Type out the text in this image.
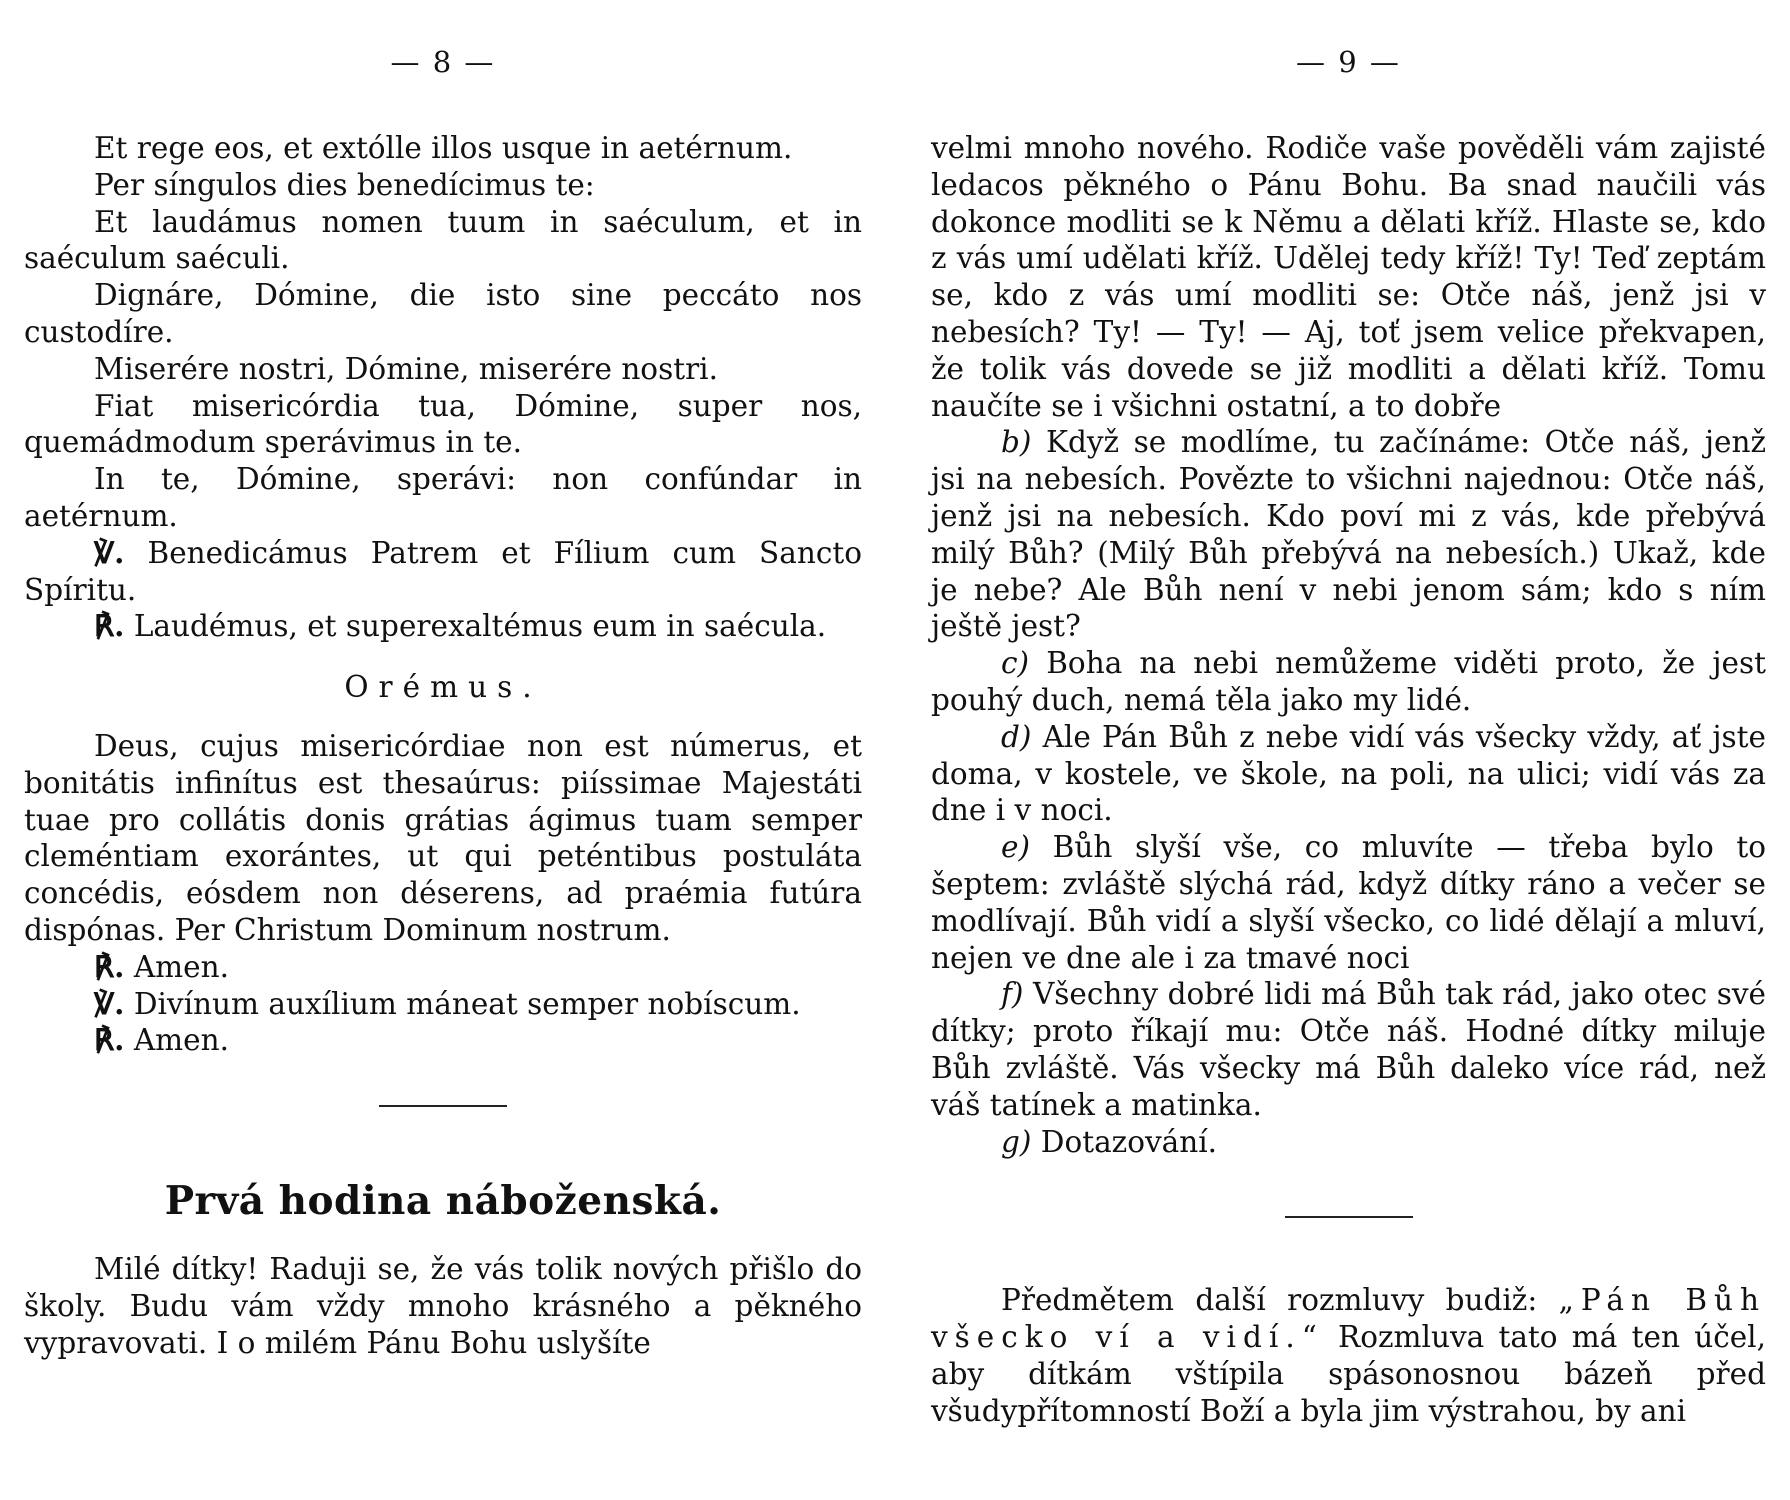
— 8 —

Et rege eos, et extólle illos usque in aetérnum.

Per síngulos dies benedícimus te:

Et laudámus nomen tuum in saéculum, et in saéculum saéculi.

Dignáre, Dómine, die isto sine peccáto nos custodíre.

Miserére nostri, Dómine, miserére nostri.

Fiat misericórdia tua, Dómine, super nos, quemádmodum sperávimus in te.

In te, Dómine, sperávi: non confúndar in aetérnum.

℣. Benedicámus Patrem et Fílium cum Sancto Spíritu.

℟. Laudémus, et superexaltémus eum in saécula.

Orémus.

Deus, cujus misericórdiae non est númerus, et bonitátis infinítus est thesaúrus: piíssimae Majestáti tuae pro collátis donis grátias ágimus tuam semper cleméntiam exorántes, ut qui peténtibus postuláta concédis, eósdem non déserens, ad praémia futúra dispónas. Per Christum Dominum nostrum.

℟. Amen.

℣. Divínum auxílium máneat semper nobíscum.

℟. Amen.

Prvá hodina náboženská.

Milé dítky! Raduji se, že vás tolik nových přišlo do školy. Budu vám vždy mnoho krásného a pěkného vypravovati. I o milém Pánu Bohu uslyšíte

— 9 —

velmi mnoho nového. Rodiče vaše pověděli vám zajisté ledacos pěkného o Pánu Bohu. Ba snad naučili vás dokonce modliti se k Němu a dělati kříž. Hlaste se, kdo z vás umí udělati kříž. Udělej tedy kříž! Ty! Teď zeptám se, kdo z vás umí modliti se: Otče náš, jenž jsi v nebesích? Ty! — Ty! — Aj, toť jsem velice překvapen, že tolik vás dovede se již modliti a dělati kříž. Tomu naučíte se i všichni ostatní, a to dobře

b) Když se modlíme, tu začínáme: Otče náš, jenž jsi na nebesích. Povězte to všichni najednou: Otče náš, jenž jsi na nebesích. Kdo poví mi z vás, kde přebývá milý Bůh? (Milý Bůh přebývá na nebesích.) Ukaž, kde je nebe? Ale Bůh není v nebi jenom sám; kdo s ním ještě jest?

c) Boha na nebi nemůžeme viděti proto, že jest pouhý duch, nemá těla jako my lidé.

d) Ale Pán Bůh z nebe vidí vás všecky vždy, ať jste doma, v kostele, ve škole, na poli, na ulici; vidí vás za dne i v noci.

e) Bůh slyší vše, co mluvíte — třeba bylo to šeptem: zvláště slýchá rád, když dítky ráno a večer se modlívají. Bůh vidí a slyší všecko, co lidé dělají a mluví, nejen ve dne ale i za tmavé noci

f) Všechny dobré lidi má Bůh tak rád, jako otec své dítky; proto říkají mu: Otče náš. Hodné dítky miluje Bůh zvláště. Vás všecky má Bůh daleko více rád, než váš tatínek a matinka.

g) Dotazování.

Předmětem další rozmluvy budiž: „Pán Bůh všecko ví a vidí.“ Rozmluva tato má ten účel, aby dítkám vštípila spásonosnou bázeň před všudypřítomností Boží a byla jim výstrahou, by ani
